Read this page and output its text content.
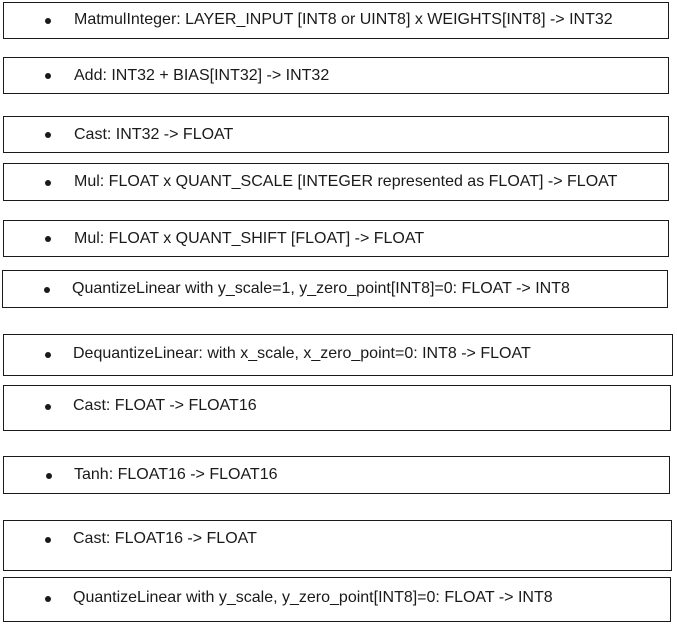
MatmulInteger: LAYER_INPUT [INT8 or UINT8] x WEIGHTS[INT8] -> INT32
Add: INT32 + BIAS[INT32] -> INT32
Cast: INT32 -> FLOAT
Mul: FLOAT x QUANT_SCALE [INTEGER represented as FLOAT] -> FLOAT
Mul: FLOAT x QUANT_SHIFT [FLOAT] -> FLOAT
QuantizeLinear with y_scale=1, y_zero_point[INT8]=0: FLOAT -> INT8
DequantizeLinear: with x_scale, x_zero_point=0: INT8 -> FLOAT
Cast: FLOAT -> FLOAT16
Tanh: FLOAT16 -> FLOAT16
Cast: FLOAT16 -> FLOAT
QuantizeLinear with y_scale, y_zero_point[INT8]=0: FLOAT -> INT8
